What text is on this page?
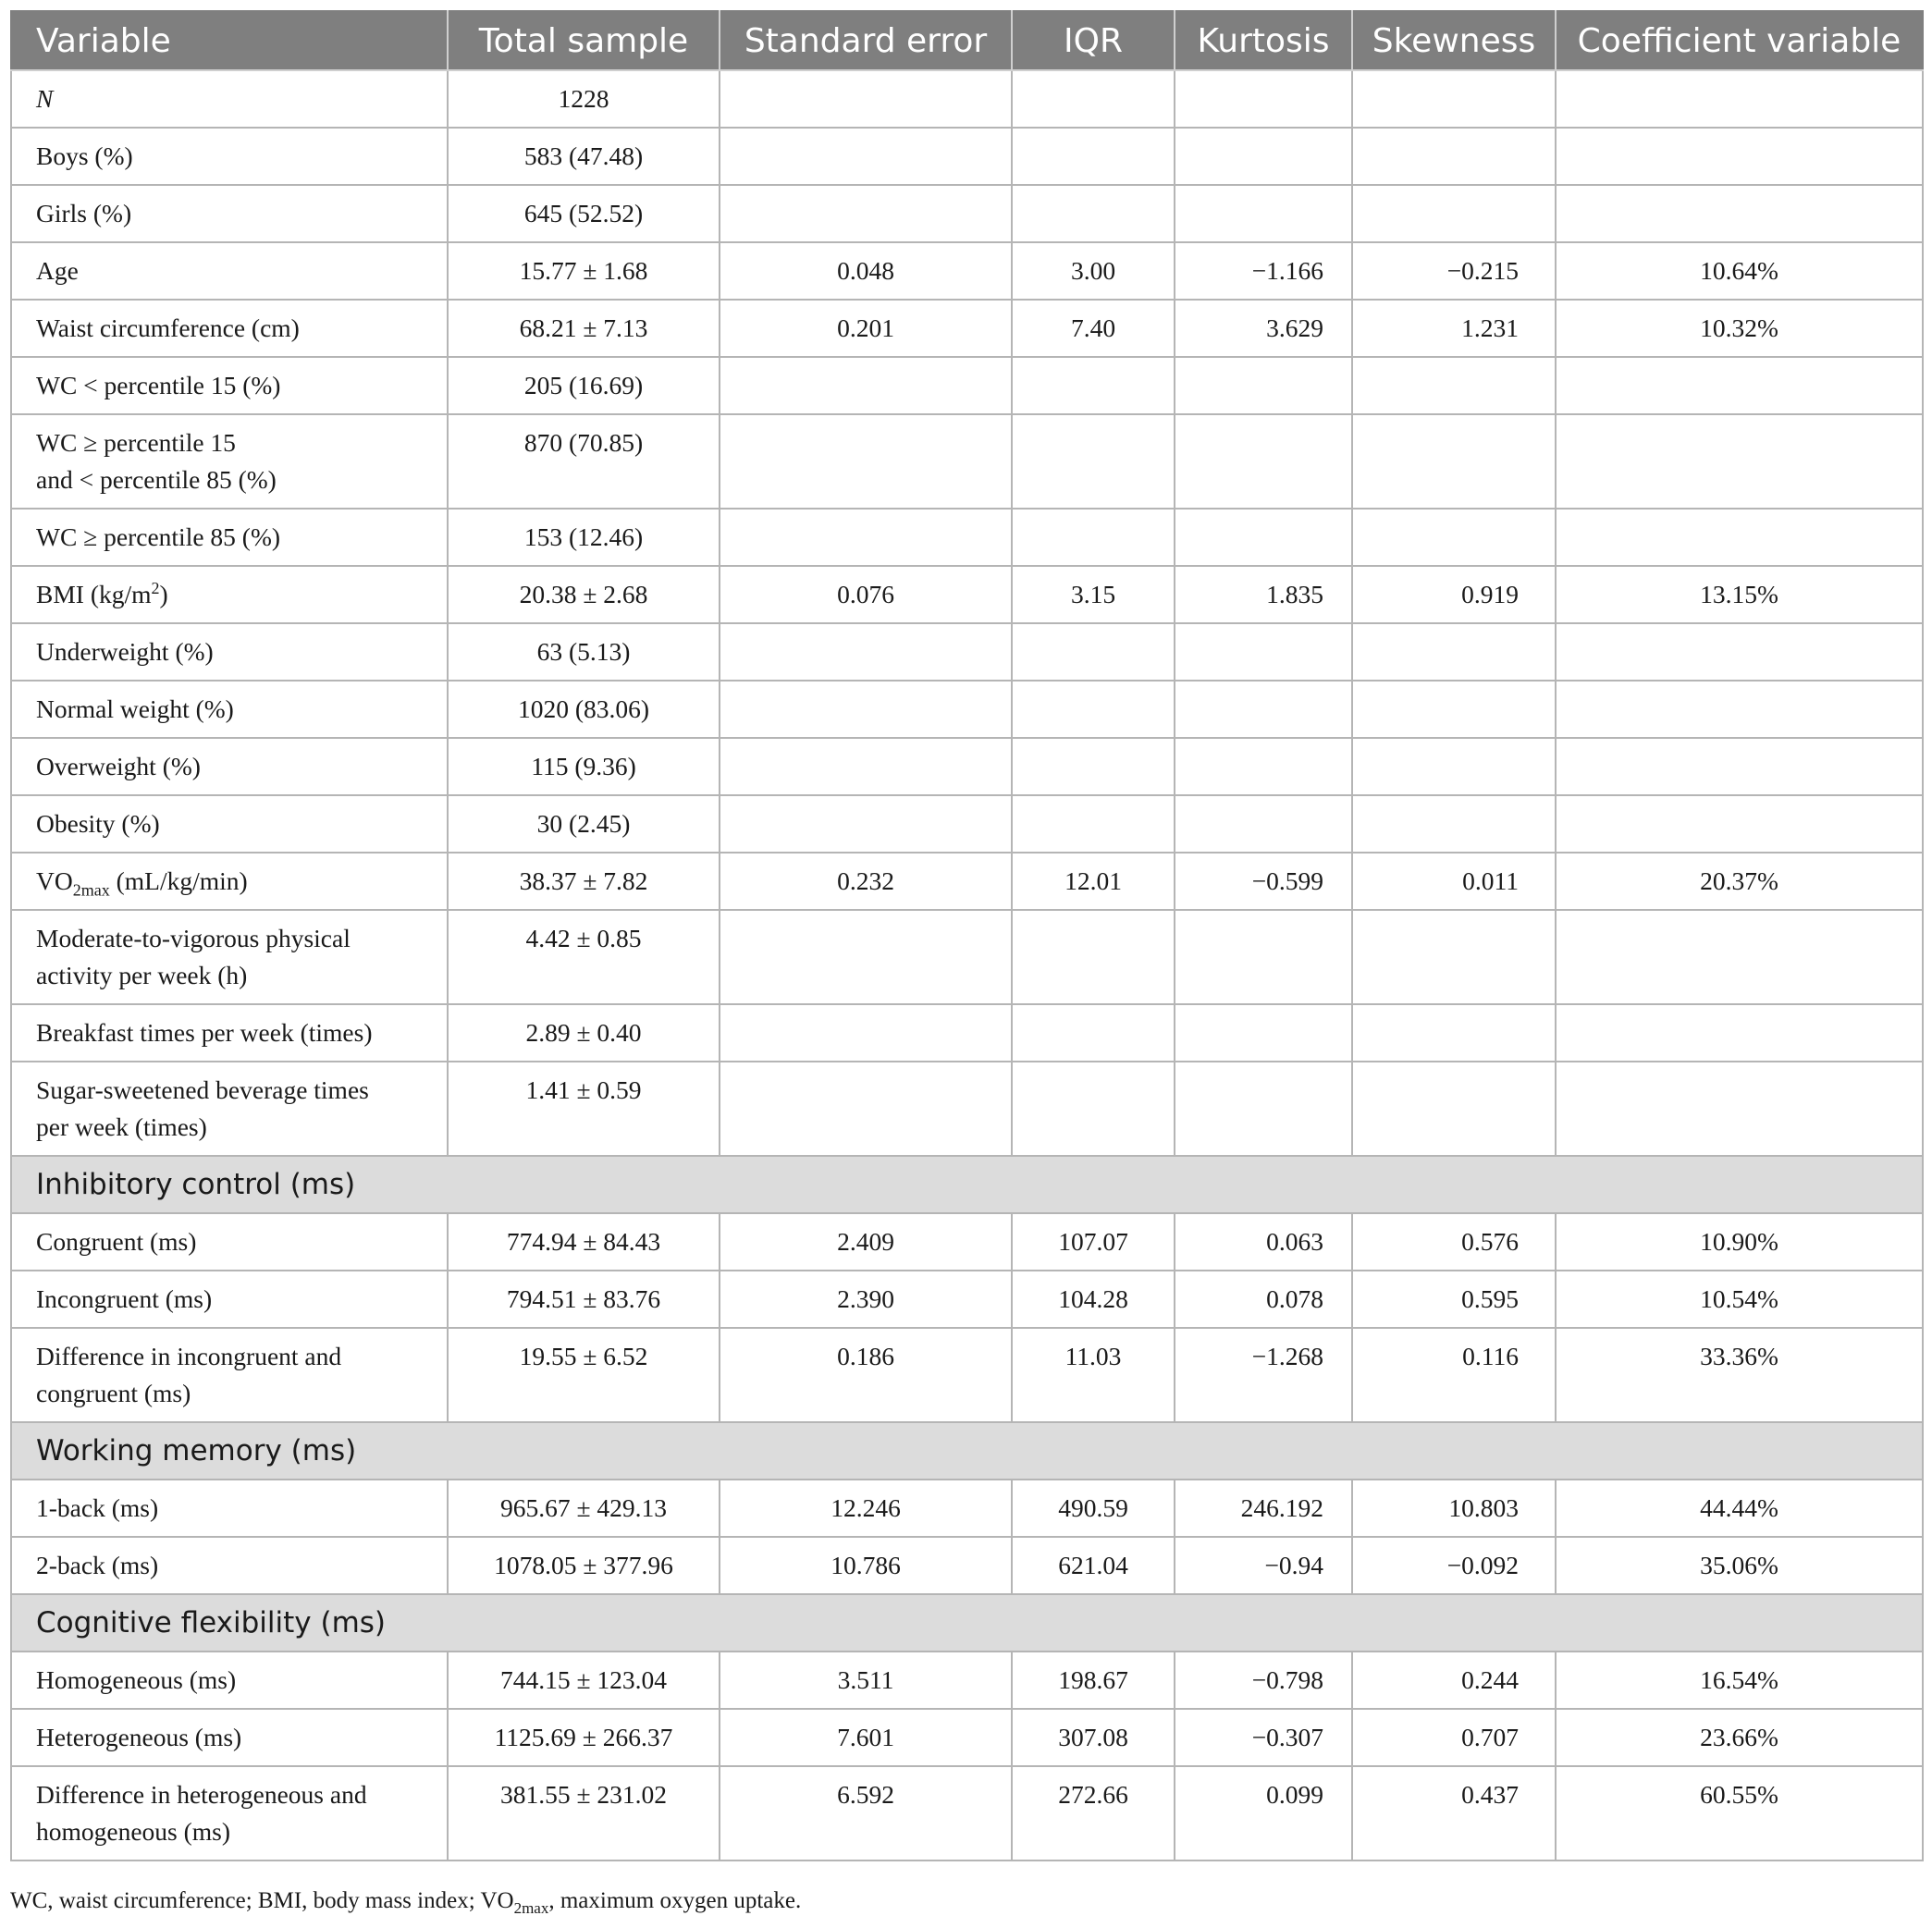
Variable	Total sample	Standard error	IQR	Kurtosis	Skewness	Coefficient variable

N	1228					

Boys (%)	583 (47.48)					

Girls (%)	645 (52.52)					

Age	15.77 ± 1.68	0.048	3.00	−1.166	−0.215	10.64%

Waist circumference (cm)	68.21 ± 7.13	0.201	7.40	3.629	1.231	10.32%

WC < percentile 15 (%)	205 (16.69)					

WC ≥ percentile 15
and < percentile 85 (%)	870 (70.85)					

WC ≥ percentile 85 (%)	153 (12.46)					

BMI $(kg/m^2)$	20.38 ± 2.68	0.076	3.15	1.835	0.919	13.15%

Underweight (%)	63 (5.13)					

Normal weight (%)	1020 (83.06)					

Overweight (%)	115 (9.36)					

Obesity (%)	30 (2.45)					

$VO_{2max}$ (mL/kg/min)	38.37 ± 7.82	0.232	12.01	−0.599	0.011	20.37%

Moderate-to-vigorous physical
activity per week (h)	4.42 ± 0.85					

Breakfast times per week (times)	2.89 ± 0.40					

Sugar-sweetened beverage times
per week (times)	1.41 ± 0.59					

Inhibitory control (ms)						

Congruent (ms)	774.94 ± 84.43	2.409	107.07	0.063	0.576	10.90%

Incongruent (ms)	794.51 ± 83.76	2.390	104.28	0.078	0.595	10.54%

Difference in incongruent and
congruent (ms)	19.55 ± 6.52	0.186	11.03	−1.268	0.116	33.36%

Working memory (ms)						

1-back (ms)	965.67 ± 429.13	12.246	490.59	246.192	10.803	44.44%

2-back (ms)	1078.05 ± 377.96	10.786	621.04	−0.94	−0.092	35.06%

Cognitive flexibility (ms)						

Homogeneous (ms)	744.15 ± 123.04	3.511	198.67	−0.798	0.244	16.54%

Heterogeneous (ms)	1125.69 ± 266.37	7.601	307.08	−0.307	0.707	23.66%

Difference in heterogeneous and
homogeneous (ms)	381.55 ± 231.02	6.592	272.66	0.099	0.437	60.55%
WC, waist circumference; BMI, body mass index; $VO_{2max}$, maximum oxygen uptake.
